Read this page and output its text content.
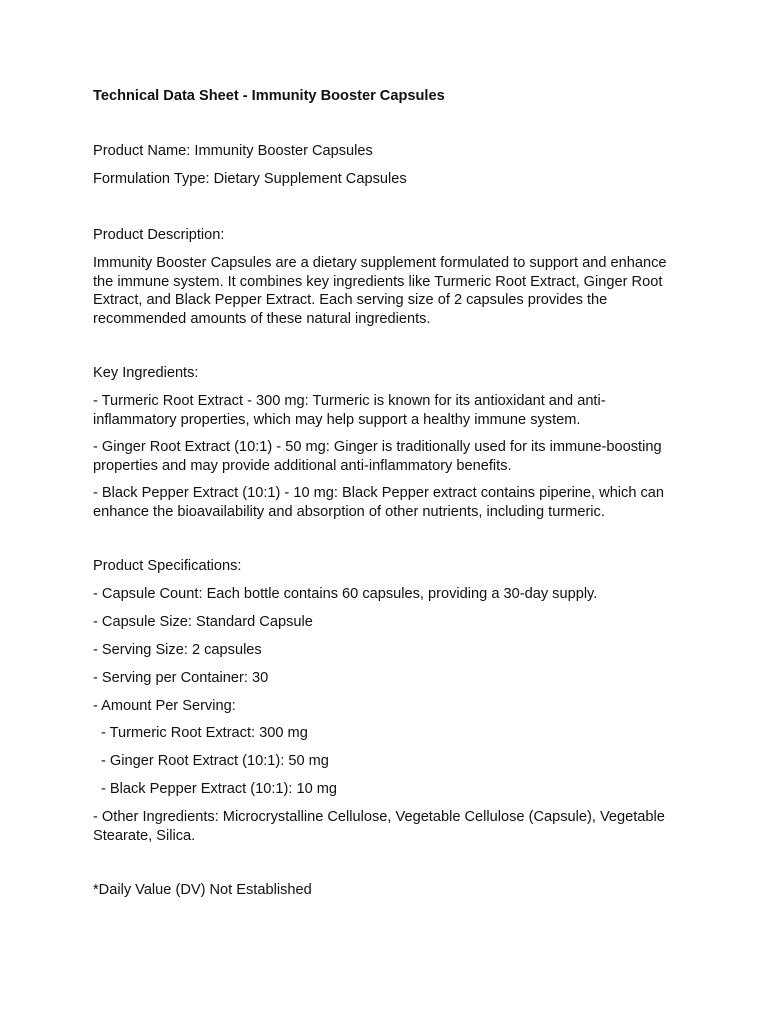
Technical Data Sheet - Immunity Booster Capsules

Product Name: Immunity Booster Capsules

Formulation Type: Dietary Supplement Capsules

Product Description:

Immunity Booster Capsules are a dietary supplement formulated to support and enhance the immune system. It combines key ingredients like Turmeric Root Extract, Ginger Root Extract, and Black Pepper Extract. Each serving size of 2 capsules provides the recommended amounts of these natural ingredients.

Key Ingredients:

- Turmeric Root Extract - 300 mg: Turmeric is known for its antioxidant and anti-inflammatory properties, which may help support a healthy immune system.

- Ginger Root Extract (10:1) - 50 mg: Ginger is traditionally used for its immune-boosting properties and may provide additional anti-inflammatory benefits.

- Black Pepper Extract (10:1) - 10 mg: Black Pepper extract contains piperine, which can enhance the bioavailability and absorption of other nutrients, including turmeric.

Product Specifications:

- Capsule Count: Each bottle contains 60 capsules, providing a 30-day supply.

- Capsule Size: Standard Capsule

- Serving Size: 2 capsules

- Serving per Container: 30

- Amount Per Serving:

- Turmeric Root Extract: 300 mg

- Ginger Root Extract (10:1): 50 mg

- Black Pepper Extract (10:1): 10 mg

- Other Ingredients: Microcrystalline Cellulose, Vegetable Cellulose (Capsule), Vegetable Stearate, Silica.

*Daily Value (DV) Not Established
